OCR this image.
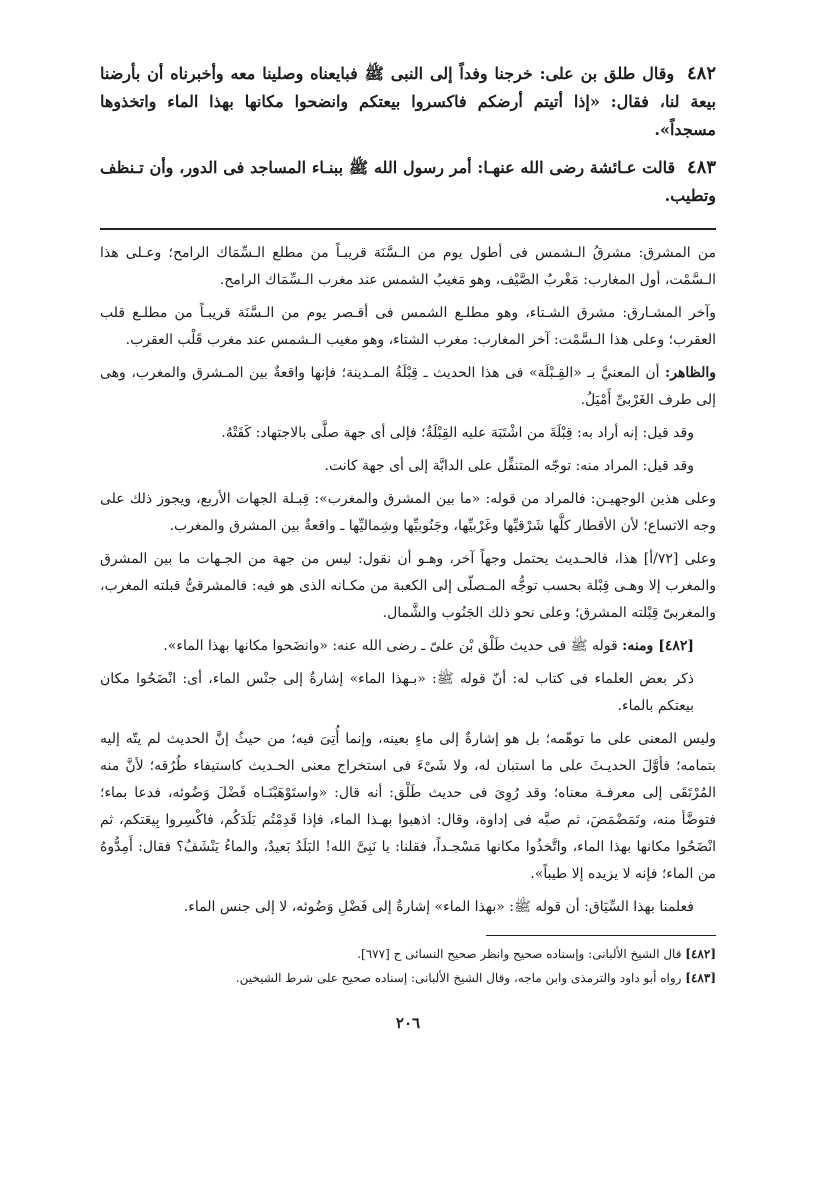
٤٨٢ وقال طلق بن على: خرجنا وفداً إلى النبى ﷺ فبايعناه وصلينا معه وأخبرناه أن بأرضنا بيعة لنا، فقال: «إذا أتيتم أرضكم فاكسروا بيعتكم وانضحوا مكانها بهذا الماء واتخذوها مسجداً».

٤٨٣ قالت عـائشة رضى الله عنهـا: أمر رسول الله ﷺ ببنـاء المساجد فى الدور، وأن تـنظف وتطيب.

من المشرق: مشرقُ الـشمس فى أطول يوم من الـسَّنَة قريبـاً من مطلع الـسِّمَاك الرامح؛ وعـلى هذا الـسَّمْت، أول المغارب: مَغْربُ الصَّيْف، وهو مَغيبُ الشمس عند مغرب الـسِّمَاك الرامح.

وآخر المشـارق: مشرق الشـتاء، وهو مطلـع الشمس فى أقـصر يوم من الـسَّنَة قريبـاً من مطلـع قلب العقرب؛ وعلى هذا الـسَّمْت: آخر المغارب: مغرب الشتاء، وهو مغيب الـشمس عند مغرب قَلْب العقرب.

والظاهر: أن المعنيَّ بـ «القِـبْلَة» فى هذا الحديث ـ قِبْلَةُ المـدينة؛ فإنها واقعةٌ بين المـشرق والمغرب، وهى إلى طرف الغَرْبىِّ أَمْيَلُ.

وقد قيل: إنه أراد به: قِبْلَةَ من اشْتَبَهَ عليه القِبْلَةُ؛ فإلى أى جهة صلَّى بالاجتهاد: كَفَتْهُ.

وقد قيل: المراد منه: توجّه المتنفِّل على الدابَّة إلى أى جهة كانت.

وعلى هذين الوجهيـن: فالمراد من قوله: «ما بين المشرق والمغرب»: قِبـلة الجهات الأربع، ويجوز ذلك على وجه الاتساع؛ لأن الأقطار كلَّها شَرْقيِّها وغَرْبيِّها، وجَنُوبيِّها وشِماليِّها ـ واقعةٌ بين المشرق والمغرب.

وعلى [٧٢/أ] هذا، فالحـديث يحتمل وجهاً آخر، وهـو أن نقول: ليس من جهة من الجـهات ما بين المشرق والمغرب إلا وهـى قِبْلة بحسب توجُّه المـصلّى إلى الكعبة من مكـانه الذى هو فيه: فالمشرقىُّ قبلته المغرب، والمغربىّ قِبْلته المشرق؛ وعلى نحو ذلك الجَنُوب والشَّمال.

[٤٨٢] ومنه: قوله ﷺ فى حديث طَلْق بْن علىّ ـ رضى الله عنه: «وانضَحوا مكانها بهذا الماء».

ذكر بعض العلماء فى كتاب له: أنّ قوله ﷺ: «بـهذا الماء» إشارةٌ إلى جنْس الماء، أى: انْضَحُوا مكان بيعتكم بالماء.

وليس المعنى على ما توهّمه؛ بل هو إشارةٌ إلى ماءٍ بعينه، وإنما أُتِىَ فيه؛ من حيثُ إنَّ الحديث لم يتّه إليه بتمامه؛ فأوَّلَ الحديـثَ على ما استبان له، ولا شَىْءَ فى استخراج معنى الحـديث كاستيفاء طُرُقه؛ لأنَّ منه المُرْتَقَى إلى معرفـة معناه؛ وقد رُوِىَ فى حديث طَلْق: أنه قال: «واستَوْهَبْنَـاه فَضْلَ وَضُوئه، فدعا بماء؛ فتوضَّأ منه، وتَمَضْمَضَ، ثم صبَّه فى إداوة، وقال: اذهبوا بهـذا الماء، فإذا قَدِمْتُم بَلَدَكُم، فاكْسِروا بِيعَتكم، ثم انْضَحُوا مكانها بهذا الماء، واتَّخذُوا مكانها مَسْجـداً، فقلنا: يا نَبِىَّ الله! البَلَدُ بَعيدٌ، والماءُ يَنْشَفُ؟ فقال: أَمِدُّوهُ من الماء؛ فإنه لا يزيده إلا طيباً».

فعلمنا بهذا السِّيَاق: أن قوله ﷺ: «بهذا الماء» إشارةٌ إلى فَضْلِ وَضُوئه، لا إلى جنس الماء.

[٤٨٢] قال الشيخ الألبانى: وإسناده صحيح وانظر صحيح النسائى ح [٦٧٧].

[٤٨٣] رواه أبو داود والترمذى وابن ماجه، وقال الشيخ الألبانى: إسناده صحيح على شرط الشيخين.

٢٠٦
